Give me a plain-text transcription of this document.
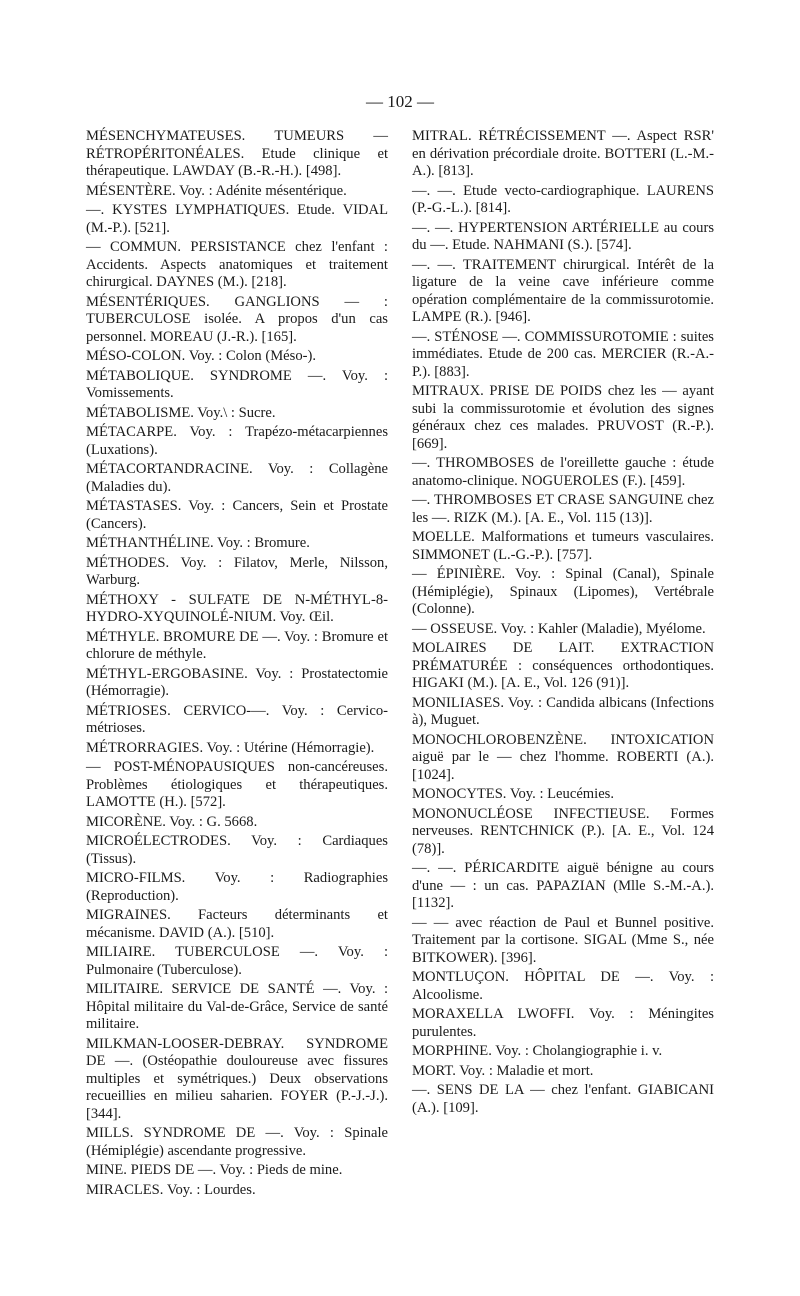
— 102 —

MÉSENCHYMATEUSES. TUMEURS — RÉTROPÉRITONÉALES. Etude clinique et thérapeutique. LAWDAY (B.-R.-H.). [498].

MÉSENTÈRE. Voy. : Adénite mésentérique.

—. KYSTES LYMPHATIQUES. Etude. VIDAL (M.-P.). [521].

— COMMUN. PERSISTANCE chez l'enfant : Accidents. Aspects anatomiques et traitement chirurgical. DAYNES (M.). [218].

MÉSENTÉRIQUES. GANGLIONS — : TUBERCULOSE isolée. A propos d'un cas personnel. MOREAU (J.-R.). [165].

MÉSO-COLON. Voy. : Colon (Méso-).

MÉTABOLIQUE. SYNDROME —. Voy. : Vomissements.

MÉTABOLISME. Voy.\ : Sucre.

MÉTACARPE. Voy. : Trapézo-métacarpiennes (Luxations).

MÉTACORTANDRACINE. Voy. : Collagène (Maladies du).

MÉTASTASES. Voy. : Cancers, Sein et Prostate (Cancers).

MÉTHANTHÉLINE. Voy. : Bromure.

MÉTHODES. Voy. : Filatov, Merle, Nilsson, Warburg.

MÉTHOXY - SULFATE DE N-MÉTHYL-8-HYDRO-XYQUINOLÉ-NIUM. Voy. Œil.

MÉTHYLE. BROMURE DE —. Voy. : Bromure et chlorure de méthyle.

MÉTHYL-ERGOBASINE. Voy. : Prostatectomie (Hémorragie).

MÉTRIOSES. CERVICO-—. Voy. : Cervico-métrioses.

MÉTRORRAGIES. Voy. : Utérine (Hémorragie).

— POST-MÉNOPAUSIQUES non-cancéreuses. Problèmes étiologiques et thérapeutiques. LAMOTTE (H.). [572].

MICORÈNE. Voy. : G. 5668.

MICROÉLECTRODES. Voy. : Cardiaques (Tissus).

MICRO-FILMS. Voy. : Radiographies (Reproduction).

MIGRAINES. Facteurs déterminants et mécanisme. DAVID (A.). [510].

MILIAIRE. TUBERCULOSE —. Voy. : Pulmonaire (Tuberculose).

MILITAIRE. SERVICE DE SANTÉ —. Voy. : Hôpital militaire du Val-de-Grâce, Service de santé militaire.

MILKMAN-LOOSER-DEBRAY. SYNDROME DE —. (Ostéopathie douloureuse avec fissures multiples et symétriques.) Deux observations recueillies en milieu saharien. FOYER (P.-J.-J.). [344].

MILLS. SYNDROME DE —. Voy. : Spinale (Hémiplégie) ascendante progressive.

MINE. PIEDS DE —. Voy. : Pieds de mine.

MIRACLES. Voy. : Lourdes.

MITRAL. RÉTRÉCISSEMENT —. Aspect RSR' en dérivation précordiale droite. BOTTERI (L.-M.-A.). [813].

—. —. Etude vecto-cardiographique. LAURENS (P.-G.-L.). [814].

—. —. HYPERTENSION ARTÉRIELLE au cours du —. Etude. NAHMANI (S.). [574].

—. —. TRAITEMENT chirurgical. Intérêt de la ligature de la veine cave inférieure comme opération complémentaire de la commissurotomie. LAMPE (R.). [946].

—. STÉNOSE —. COMMISSUROTOMIE : suites immédiates. Etude de 200 cas. MERCIER (R.-A.-P.). [883].

MITRAUX. PRISE DE POIDS chez les — ayant subi la commissurotomie et évolution des signes généraux chez ces malades. PRUVOST (R.-P.). [669].

—. THROMBOSES de l'oreillette gauche : étude anatomo-clinique. NOGUEROLES (F.). [459].

—. THROMBOSES ET CRASE SANGUINE chez les —. RIZK (M.). [A. E., Vol. 115 (13)].

MOELLE. Malformations et tumeurs vasculaires. SIMMONET (L.-G.-P.). [757].

— ÉPINIÈRE. Voy. : Spinal (Canal), Spinale (Hémiplégie), Spinaux (Lipomes), Vertébrale (Colonne).

— OSSEUSE. Voy. : Kahler (Maladie), Myélome.

MOLAIRES DE LAIT. EXTRACTION PRÉMATURÉE : conséquences orthodontiques. HIGAKI (M.). [A. E., Vol. 126 (91)].

MONILIASES. Voy. : Candida albicans (Infections à), Muguet.

MONOCHLOROBENZÈNE. INTOXICATION aiguë par le — chez l'homme. ROBERTI (A.). [1024].

MONOCYTES. Voy. : Leucémies.

MONONUCLÉOSE INFECTIEUSE. Formes nerveuses. RENTCHNICK (P.). [A. E., Vol. 124 (78)].

—. —. PÉRICARDITE aiguë bénigne au cours d'une — : un cas. PAPAZIAN (Mlle S.-M.-A.). [1132].

— — avec réaction de Paul et Bunnel positive. Traitement par la cortisone. SIGAL (Mme S., née BITKOWER). [396].

MONTLUÇON. HÔPITAL DE —. Voy. : Alcoolisme.

MORAXELLA LWOFFI. Voy. : Méningites purulentes.

MORPHINE. Voy. : Cholangiographie i. v.

MORT. Voy. : Maladie et mort.

—. SENS DE LA — chez l'enfant. GIABICANI (A.). [109].
